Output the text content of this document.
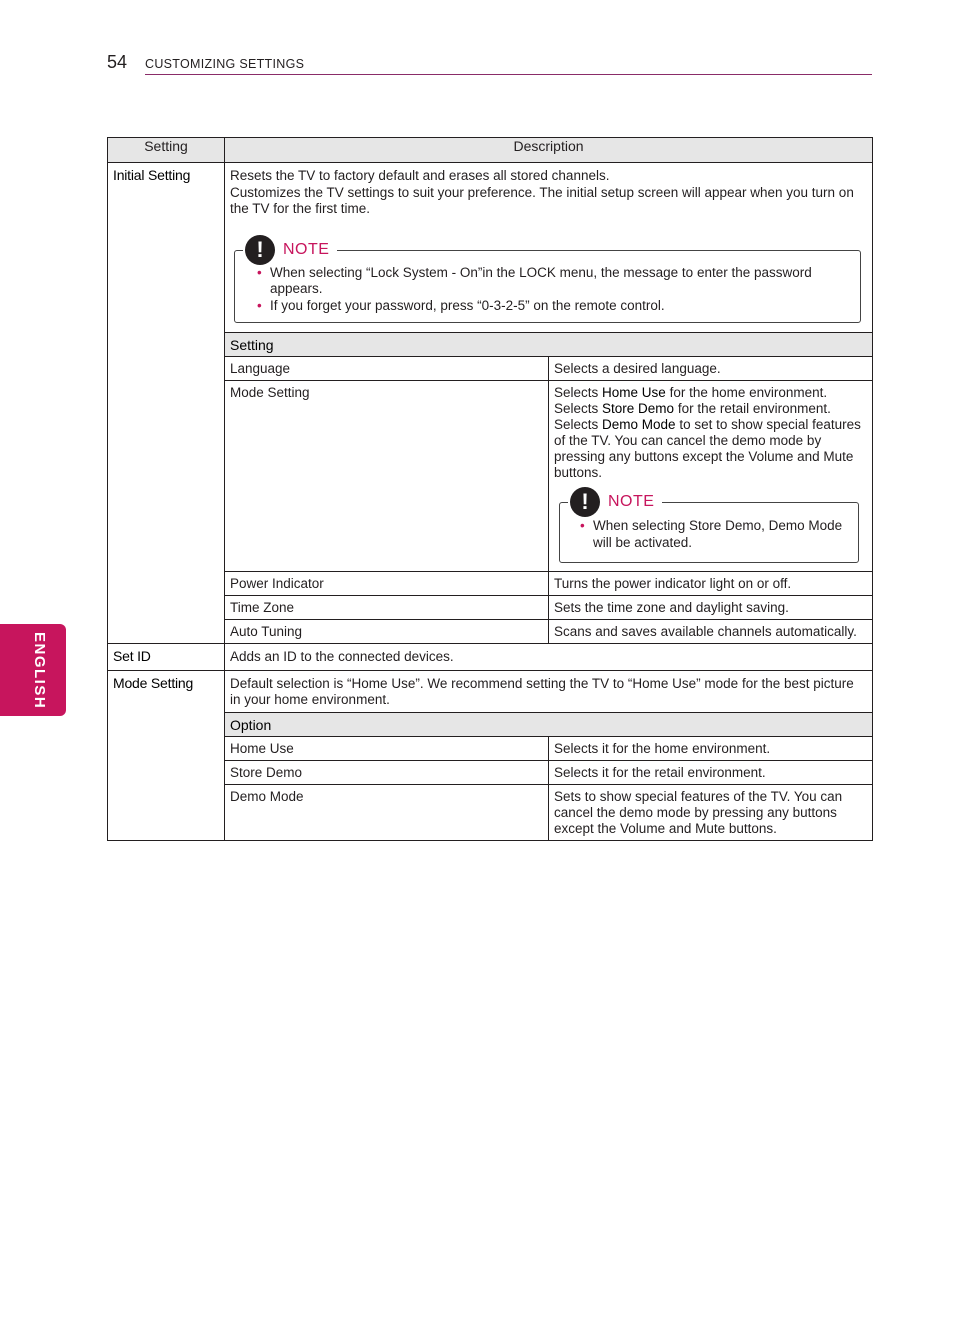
54 CUSTOMIZING SETTINGS
ENGLISH
Setting	Description
Initial Setting	Resets the TV to factory default and erases all stored channels.
Customizes the TV settings to suit your preference. The initial setup screen will appear when you turn on the TV for the first time.
!	NOTE
• When selecting “Lock System - On”in the LOCK menu, the message to enter the password appears.
• If you forget your password, press “0-3-2-5” on the remote control.
Setting
Language	Selects a desired language.
Mode Setting	Selects Home Use for the home environment.
Selects Store Demo for the retail environment.
Selects Demo Mode to set to show special features of the TV. You can cancel the demo mode by pressing any buttons except the Volume and Mute buttons.
!	NOTE
• When selecting Store Demo, Demo Mode will be activated.

Power Indicator	Turns the power indicator light on or off.
Time Zone	Sets the time zone and daylight saving.
Auto Tuning	Scans and saves available channels automatically.

Set ID	Adds an ID to the connected devices.

Mode Setting	Default selection is “Home Use”. We recommend setting the TV to “Home Use” mode for the best picture in your home environment.
Option
Home Use	Selects it for the home environment.
Store Demo	Selects it for the retail environment.
Demo Mode	Sets to show special features of the TV. You can cancel the demo mode by pressing any buttons except the Volume and Mute buttons.
